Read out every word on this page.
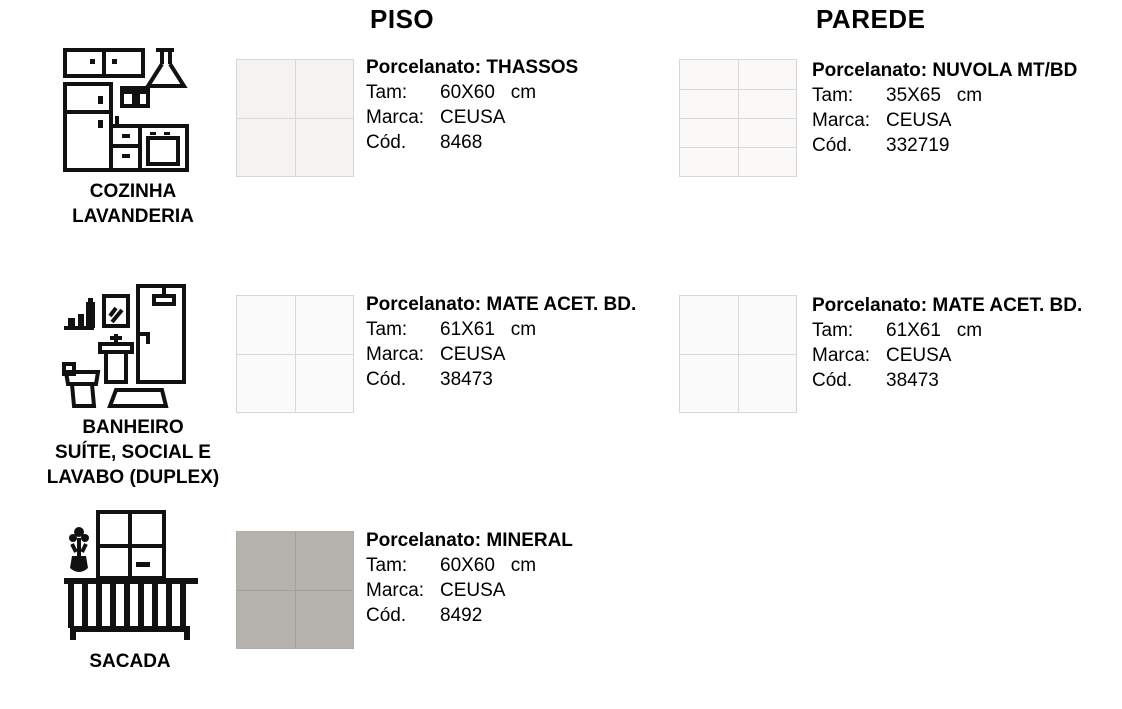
PISO	PAREDE
COZINHA
LAVANDERIA
Porcelanato: THASSOS
Tam: 60X60   cm
Marca: CEUSA
Cód. 8468
Porcelanato: NUVOLA MT/BD
Tam: 35X65   cm
Marca: CEUSA
Cód. 332719
BANHEIRO
SUÍTE, SOCIAL E
LAVABO (DUPLEX)
Porcelanato: MATE ACET. BD.
Tam: 61X61   cm
Marca: CEUSA
Cód. 38473
Porcelanato: MATE ACET. BD.
Tam: 61X61   cm
Marca: CEUSA
Cód. 38473
SACADA
Porcelanato: MINERAL
Tam: 60X60   cm
Marca: CEUSA
Cód. 8492
